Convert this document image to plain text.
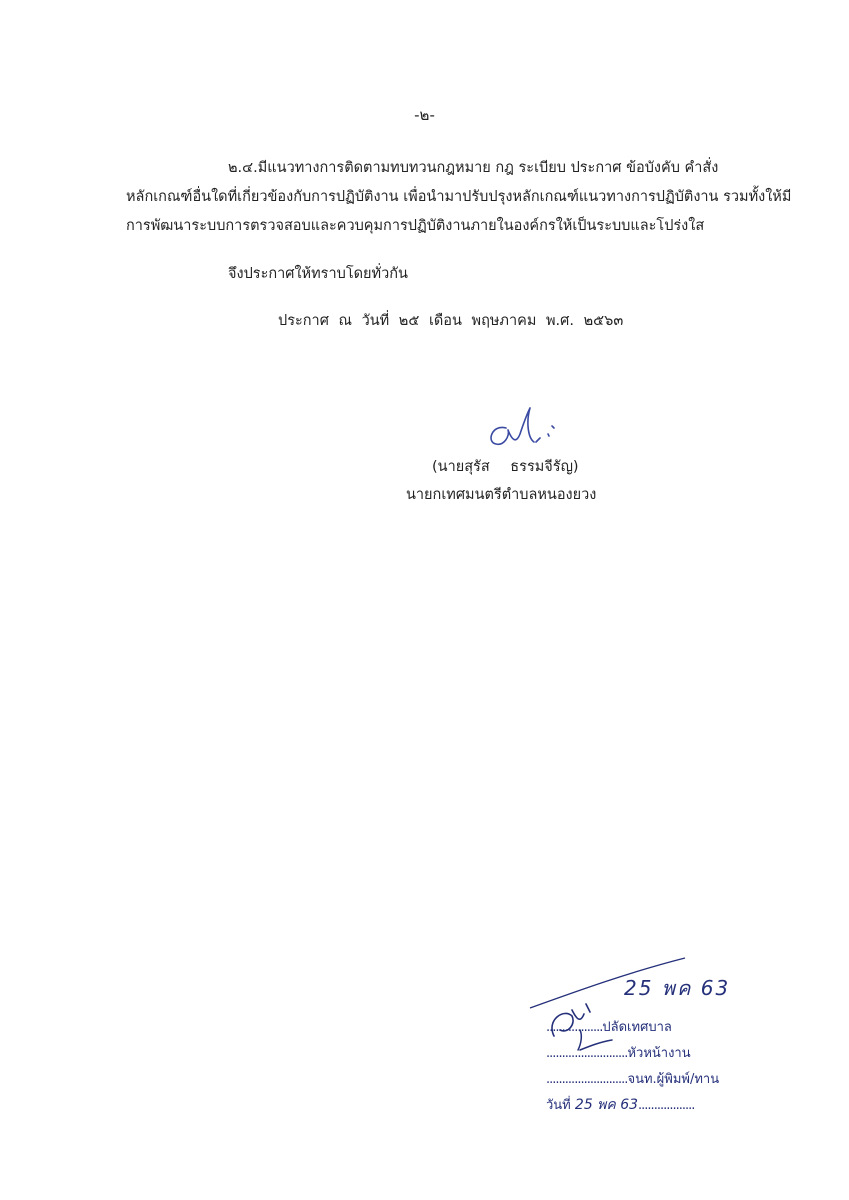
-๒-
๒.๔.มีแนวทางการติดตามทบทวนกฎหมาย กฎ ระเบียบ ประกาศ ข้อบังคับ คำสั่ง
หลักเกณฑ์อื่นใดที่เกี่ยวข้องกับการปฏิบัติงาน เพื่อนำมาปรับปรุงหลักเกณฑ์แนวทางการปฏิบัติงาน รวมทั้งให้มี
การพัฒนาระบบการตรวจสอบและควบคุมการปฏิบัติงานภายในองค์กรให้เป็นระบบและโปร่งใส
จึงประกาศให้ทราบโดยทั่วกัน
ประกาศ ณ วันที่ ๒๕ เดือน พฤษภาคม พ.ศ. ๒๕๖๓
(นายสุรัส ธรรมจีรัญ)
นายกเทศมนตรีตำบลหนองยวง
25 พค 63
..................ปลัดเทศบาล
..........................หัวหน้างาน
..........................จนท.ผู้พิมพ์/ทาน
วันที่ 25 พค 63..................
